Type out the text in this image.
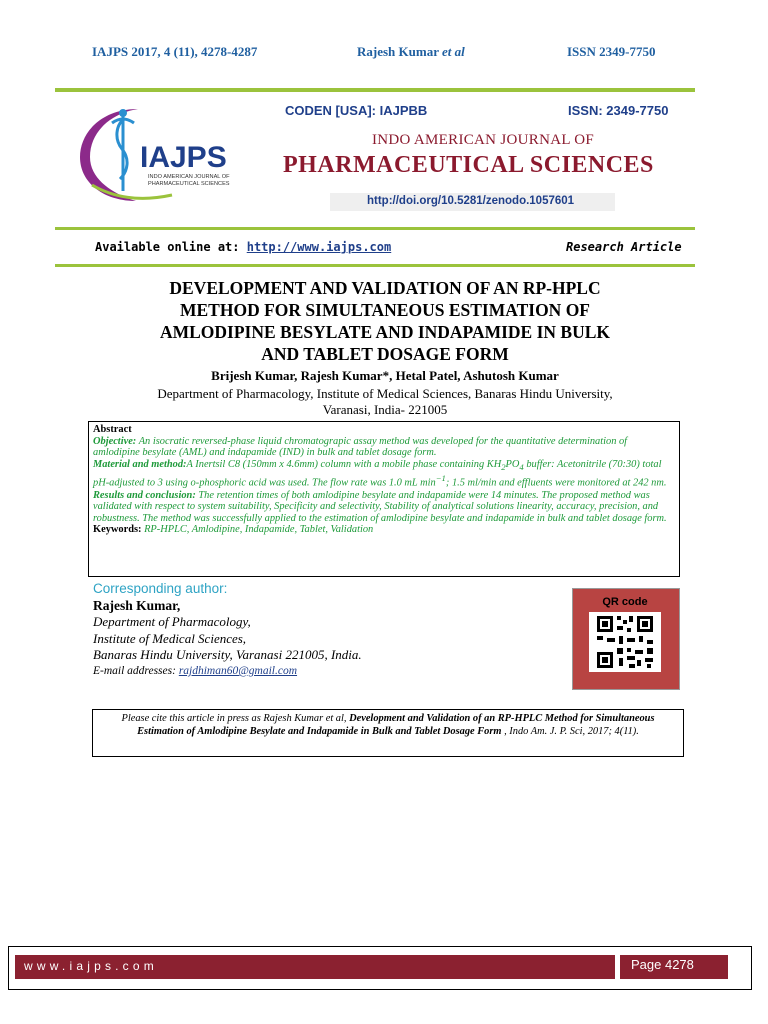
IAJPS 2017, 4 (11), 4278-4287	Rajesh Kumar et al	ISSN 2349-7750
IAJPS
INDO AMERICAN JOURNAL OF
PHARMACEUTICAL SCIENCES
CODEN [USA]: IAJPBB	ISSN: 2349-7750
INDO AMERICAN JOURNAL OF
PHARMACEUTICAL SCIENCES
http://doi.org/10.5281/zenodo.1057601
Available online at: http://www.iajps.com	Research Article
DEVELOPMENT AND VALIDATION OF AN RP-HPLC
METHOD FOR SIMULTANEOUS ESTIMATION OF
AMLODIPINE BESYLATE AND INDAPAMIDE IN BULK
AND TABLET DOSAGE FORM
Brijesh Kumar, Rajesh Kumar*, Hetal Patel, Ashutosh Kumar
Department of Pharmacology, Institute of Medical Sciences, Banaras Hindu University,
Varanasi, India- 221005
Abstract
Objective: An isocratic reversed-phase liquid chromatograpic assay method was developed for the quantitative determination of amlodipine besylate (AML) and indapamide (IND) in bulk and tablet dosage form.
Material and method:A Inertsil C8 (150mm x 4.6mm) column with a mobile phase containing $KH_2PO_4$ buffer: Acetonitrile (70:30) total pH-adjusted to 3 using o-phosphoric acid was used. The flow rate was 1.0 mL $\min^{-1}$; 1.5 ml/min and effluents were monitored at 242 nm.
Results and conclusion: The retention times of both amlodipine besylate and indapamide were 14 minutes. The proposed method was validated with respect to system suitability, Specificity and selectivity, Stability of analytical solutions linearity, accuracy, precision, and robustness. The method was successfully applied to the estimation of amlodipine besylate and indapamide in bulk and tablet dosage form.
Keywords: RP-HPLC, Amlodipine, Indapamide, Tablet, Validation
Corresponding author:
Rajesh Kumar,
Department of Pharmacology,
Institute of Medical Sciences,
Banaras Hindu University, Varanasi 221005, India.
E-mail addresses: rajdhiman60@gmail.com
QR code
Please cite this article in press as Rajesh Kumar et al, Development and Validation of an RP-HPLC Method for Simultaneous Estimation of Amlodipine Besylate and Indapamide in Bulk and Tablet Dosage Form , Indo Am. J. P. Sci, 2017; 4(11).
www.iajps.com	Page 4278
